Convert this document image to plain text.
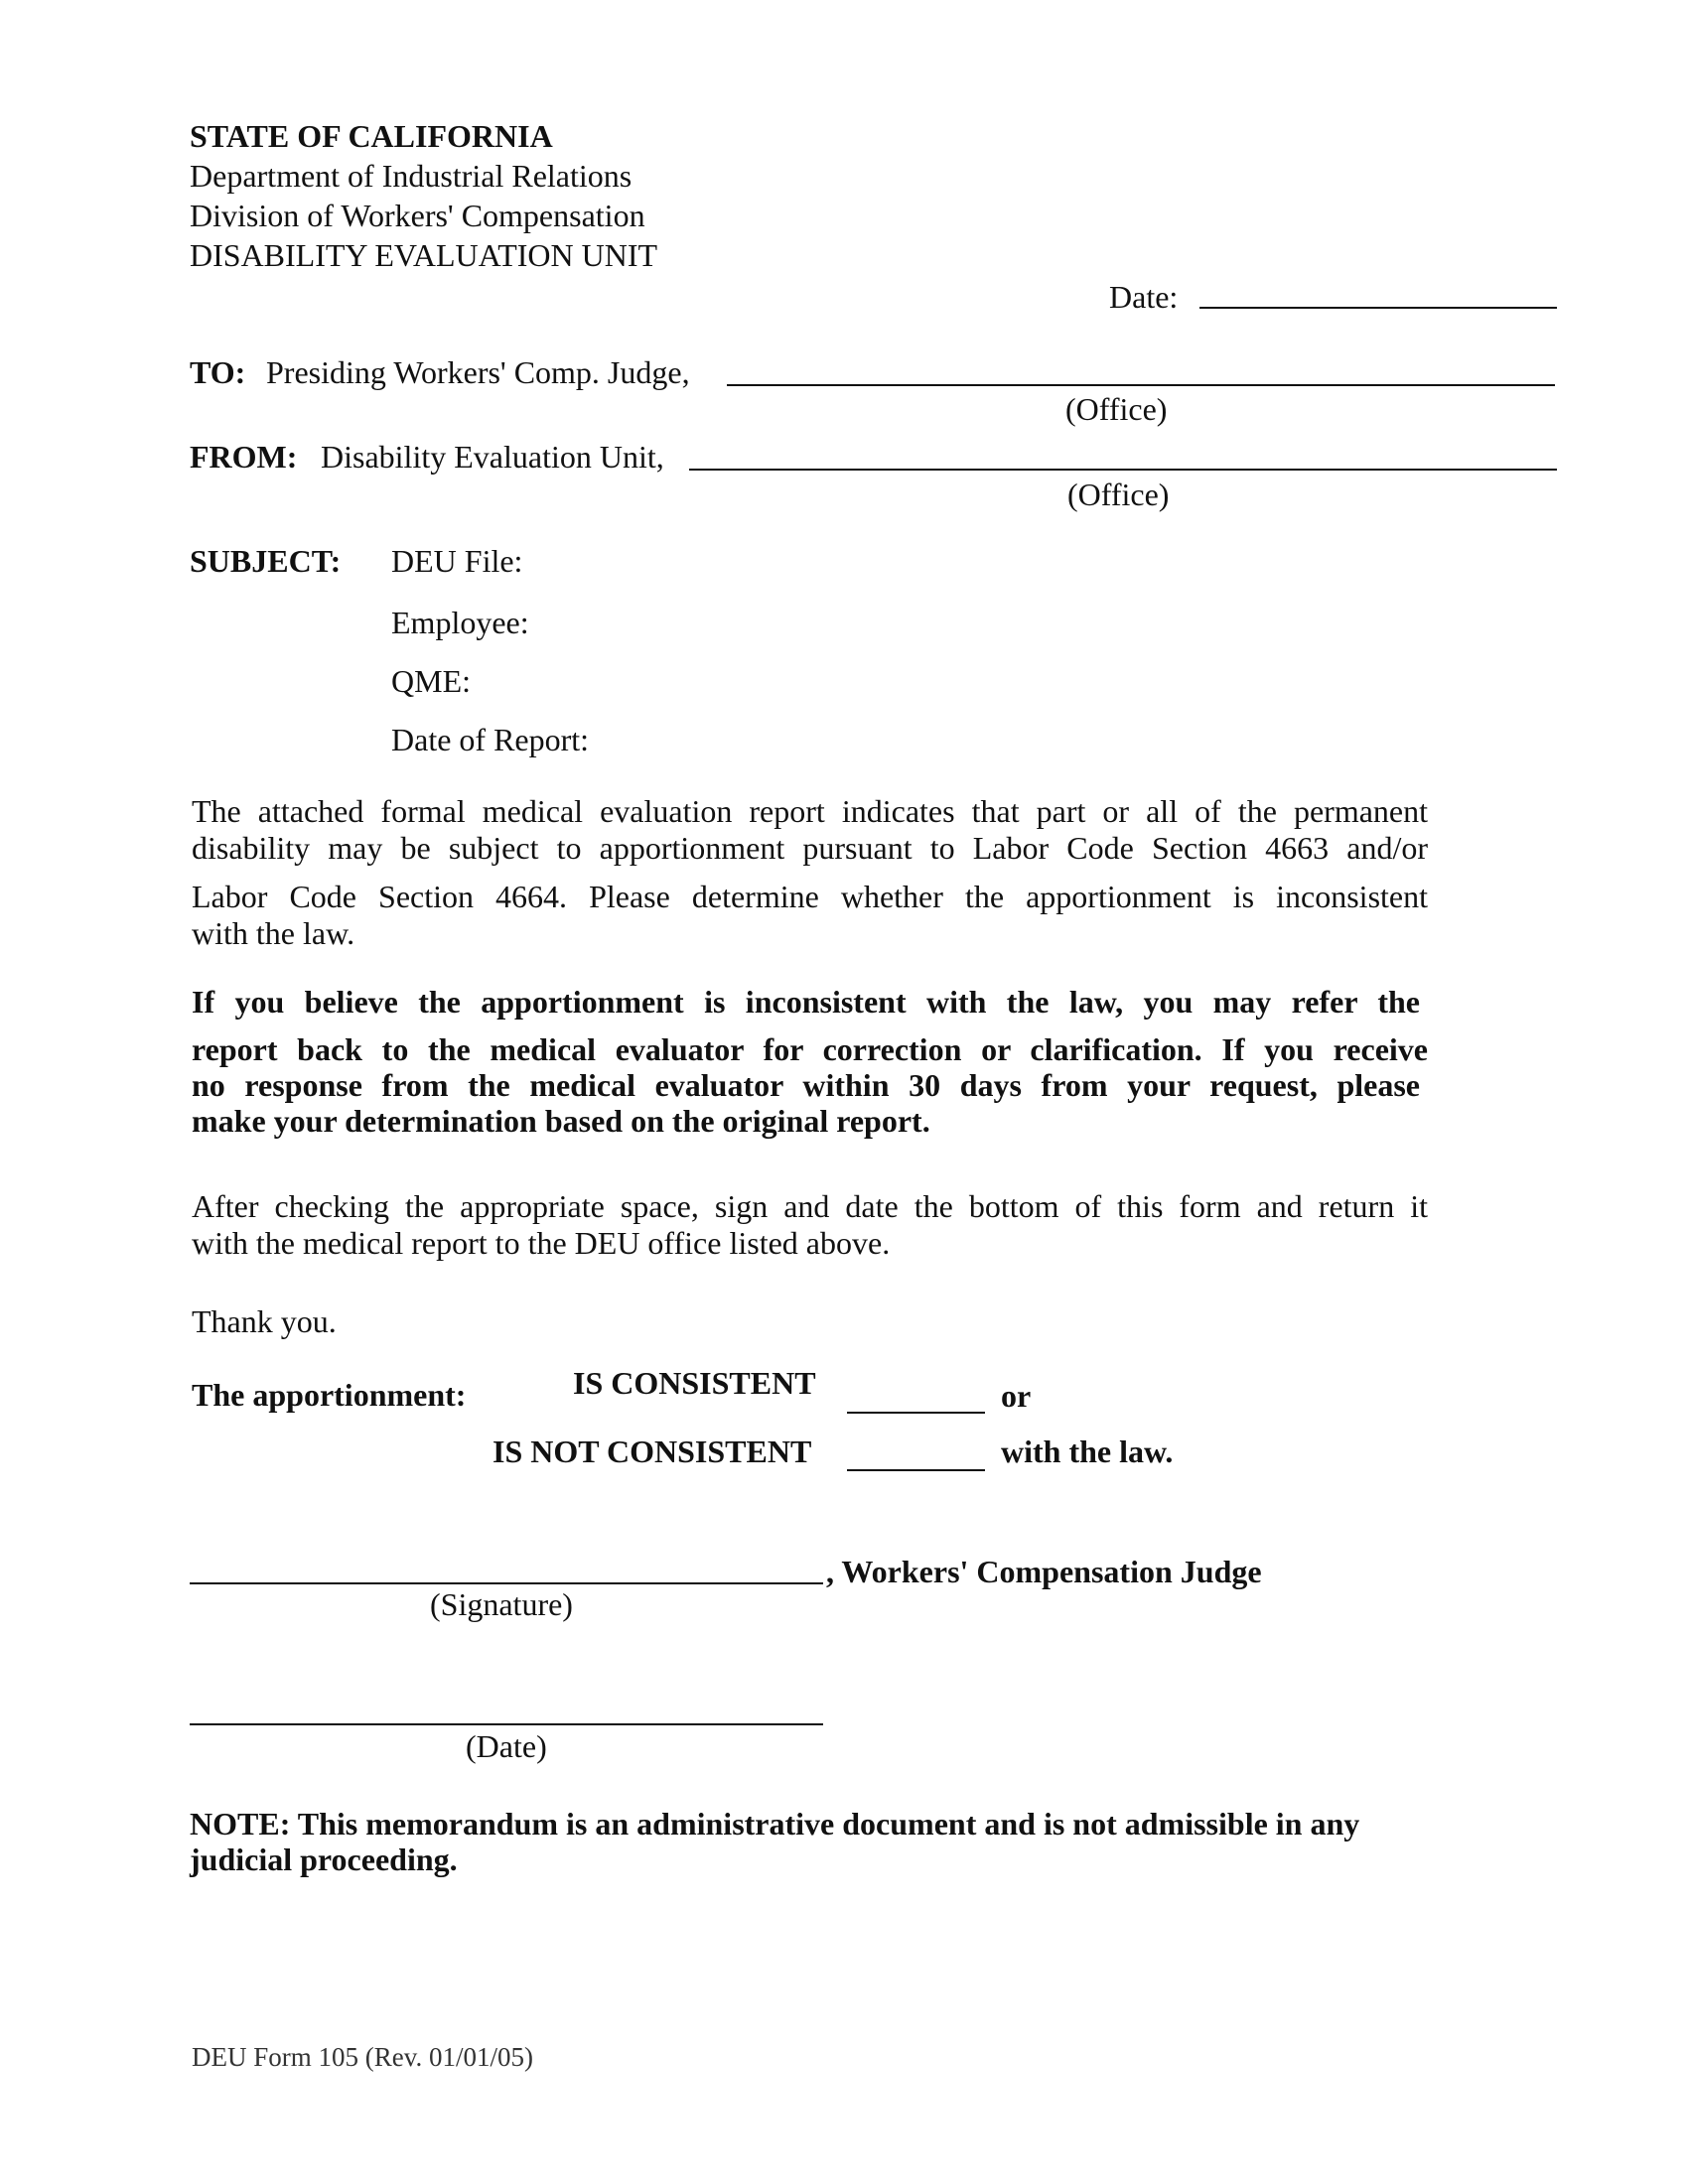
STATE OF CALIFORNIA
Department of Industrial Relations
Division of Workers' Compensation
DISABILITY EVALUATION UNIT
Date:
TO: Presiding Workers' Comp. Judge,
(Office)
FROM: Disability Evaluation Unit,
(Office)
SUBJECT: DEU File:
Employee:
QME:
Date of Report:
The attached formal medical evaluation report indicates that part or all of the permanent
disability may be subject to apportionment pursuant to Labor Code Section 4663 and/or
Labor Code Section 4664. Please determine whether the apportionment is inconsistent
with the law.
If you believe the apportionment is inconsistent with the law, you may refer the
report back to the medical evaluator for correction or clarification. If you receive
no response from the medical evaluator within 30 days from your request, please
make your determination based on the original report.
After checking the appropriate space, sign and date the bottom of this form and return it
with the medical report to the DEU office listed above.
Thank you.
The apportionment:	IS CONSISTENT	or
IS NOT CONSISTENT	with the law.
, Workers' Compensation Judge
(Signature)
(Date)
NOTE: This memorandum is an administrative document and is not admissible in any
judicial proceeding.
DEU Form 105 (Rev. 01/01/05)
